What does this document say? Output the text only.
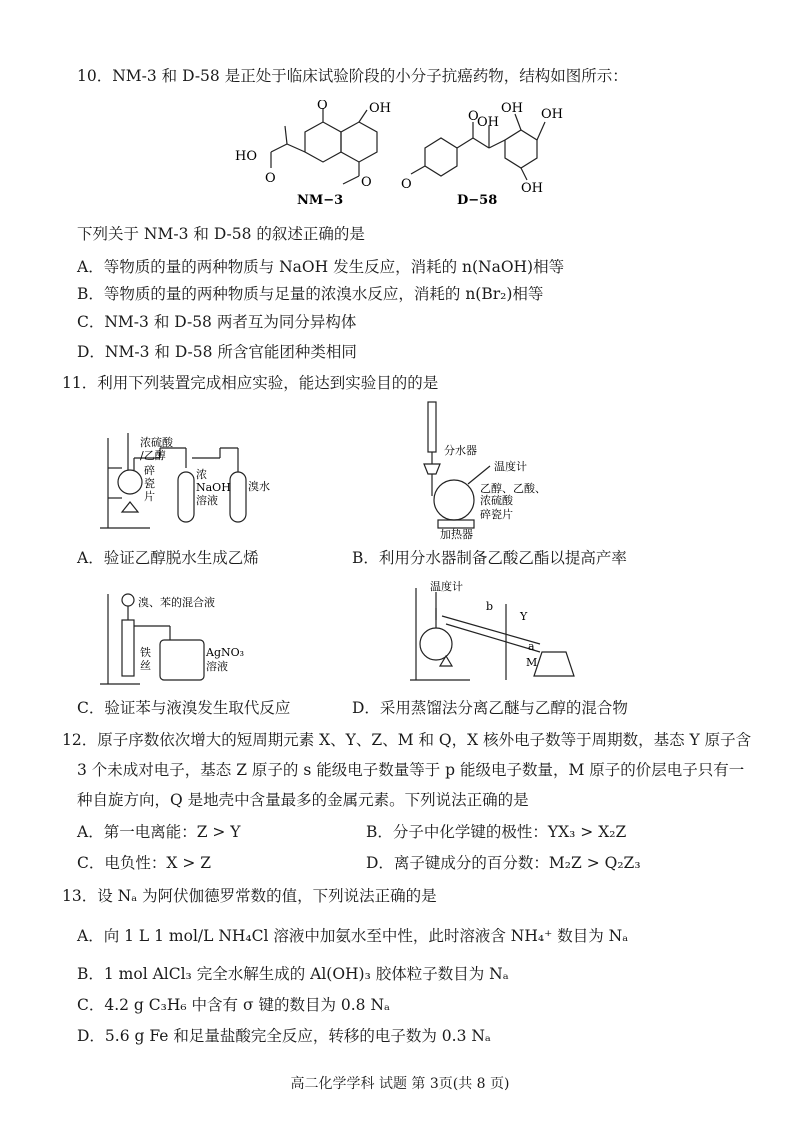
10．NM-3 和 D-58 是正处于临床试验阶段的小分子抗癌药物，结构如图所示：
O	OH
HO
O	O
NM−3
O
O
OH
OH OH
OH
D−58
下列关于 NM-3 和 D-58 的叙述正确的是
A．等物质的量的两种物质与 NaOH 发生反应，消耗的 n(NaOH)相等
B．等物质的量的两种物质与足量的浓溴水反应，消耗的 n(Br₂)相等
C．NM-3 和 D-58 两者互为同分异构体
D．NM-3 和 D-58 所含官能团种类相同
11．利用下列装置完成相应实验，能达到实验目的的是
浓硫酸
/乙醇
碎
瓷
片
浓
NaOH
溶液
溴水
分水器
温度计
乙醇、乙酸、
浓硫酸
碎瓷片
加热器
A．验证乙醇脱水生成乙烯	B．利用分水器制备乙酸乙酯以提高产率
溴、苯的混合液
铁
丝
AgNO₃
溶液
温度计
b
Y
a
M
C．验证苯与液溴发生取代反应	D．采用蒸馏法分离乙醚与乙醇的混合物
12．原子序数依次增大的短周期元素 X、Y、Z、M 和 Q，X 核外电子数等于周期数，基态 Y 原子含
3 个未成对电子，基态 Z 原子的 s 能级电子数量等于 p 能级电子数量，M 原子的价层电子只有一
种自旋方向，Q 是地壳中含量最多的金属元素。下列说法正确的是
A．第一电离能：Z > Y	B．分子中化学键的极性：YX₃ > X₂Z
C．电负性：X > Z	D．离子键成分的百分数：M₂Z > Q₂Z₃
13．设 Nₐ 为阿伏伽德罗常数的值，下列说法正确的是
A．向 1 L 1 mol/L NH₄Cl 溶液中加氨水至中性，此时溶液含 NH₄⁺ 数目为 Nₐ
B．1 mol AlCl₃ 完全水解生成的 Al(OH)₃ 胶体粒子数目为 Nₐ
C．4.2 g C₃H₆ 中含有 σ 键的数目为 0.8 Nₐ
D．5.6 g Fe 和足量盐酸完全反应，转移的电子数为 0.3 Nₐ
高二化学学科 试题 第 3页(共 8 页)
